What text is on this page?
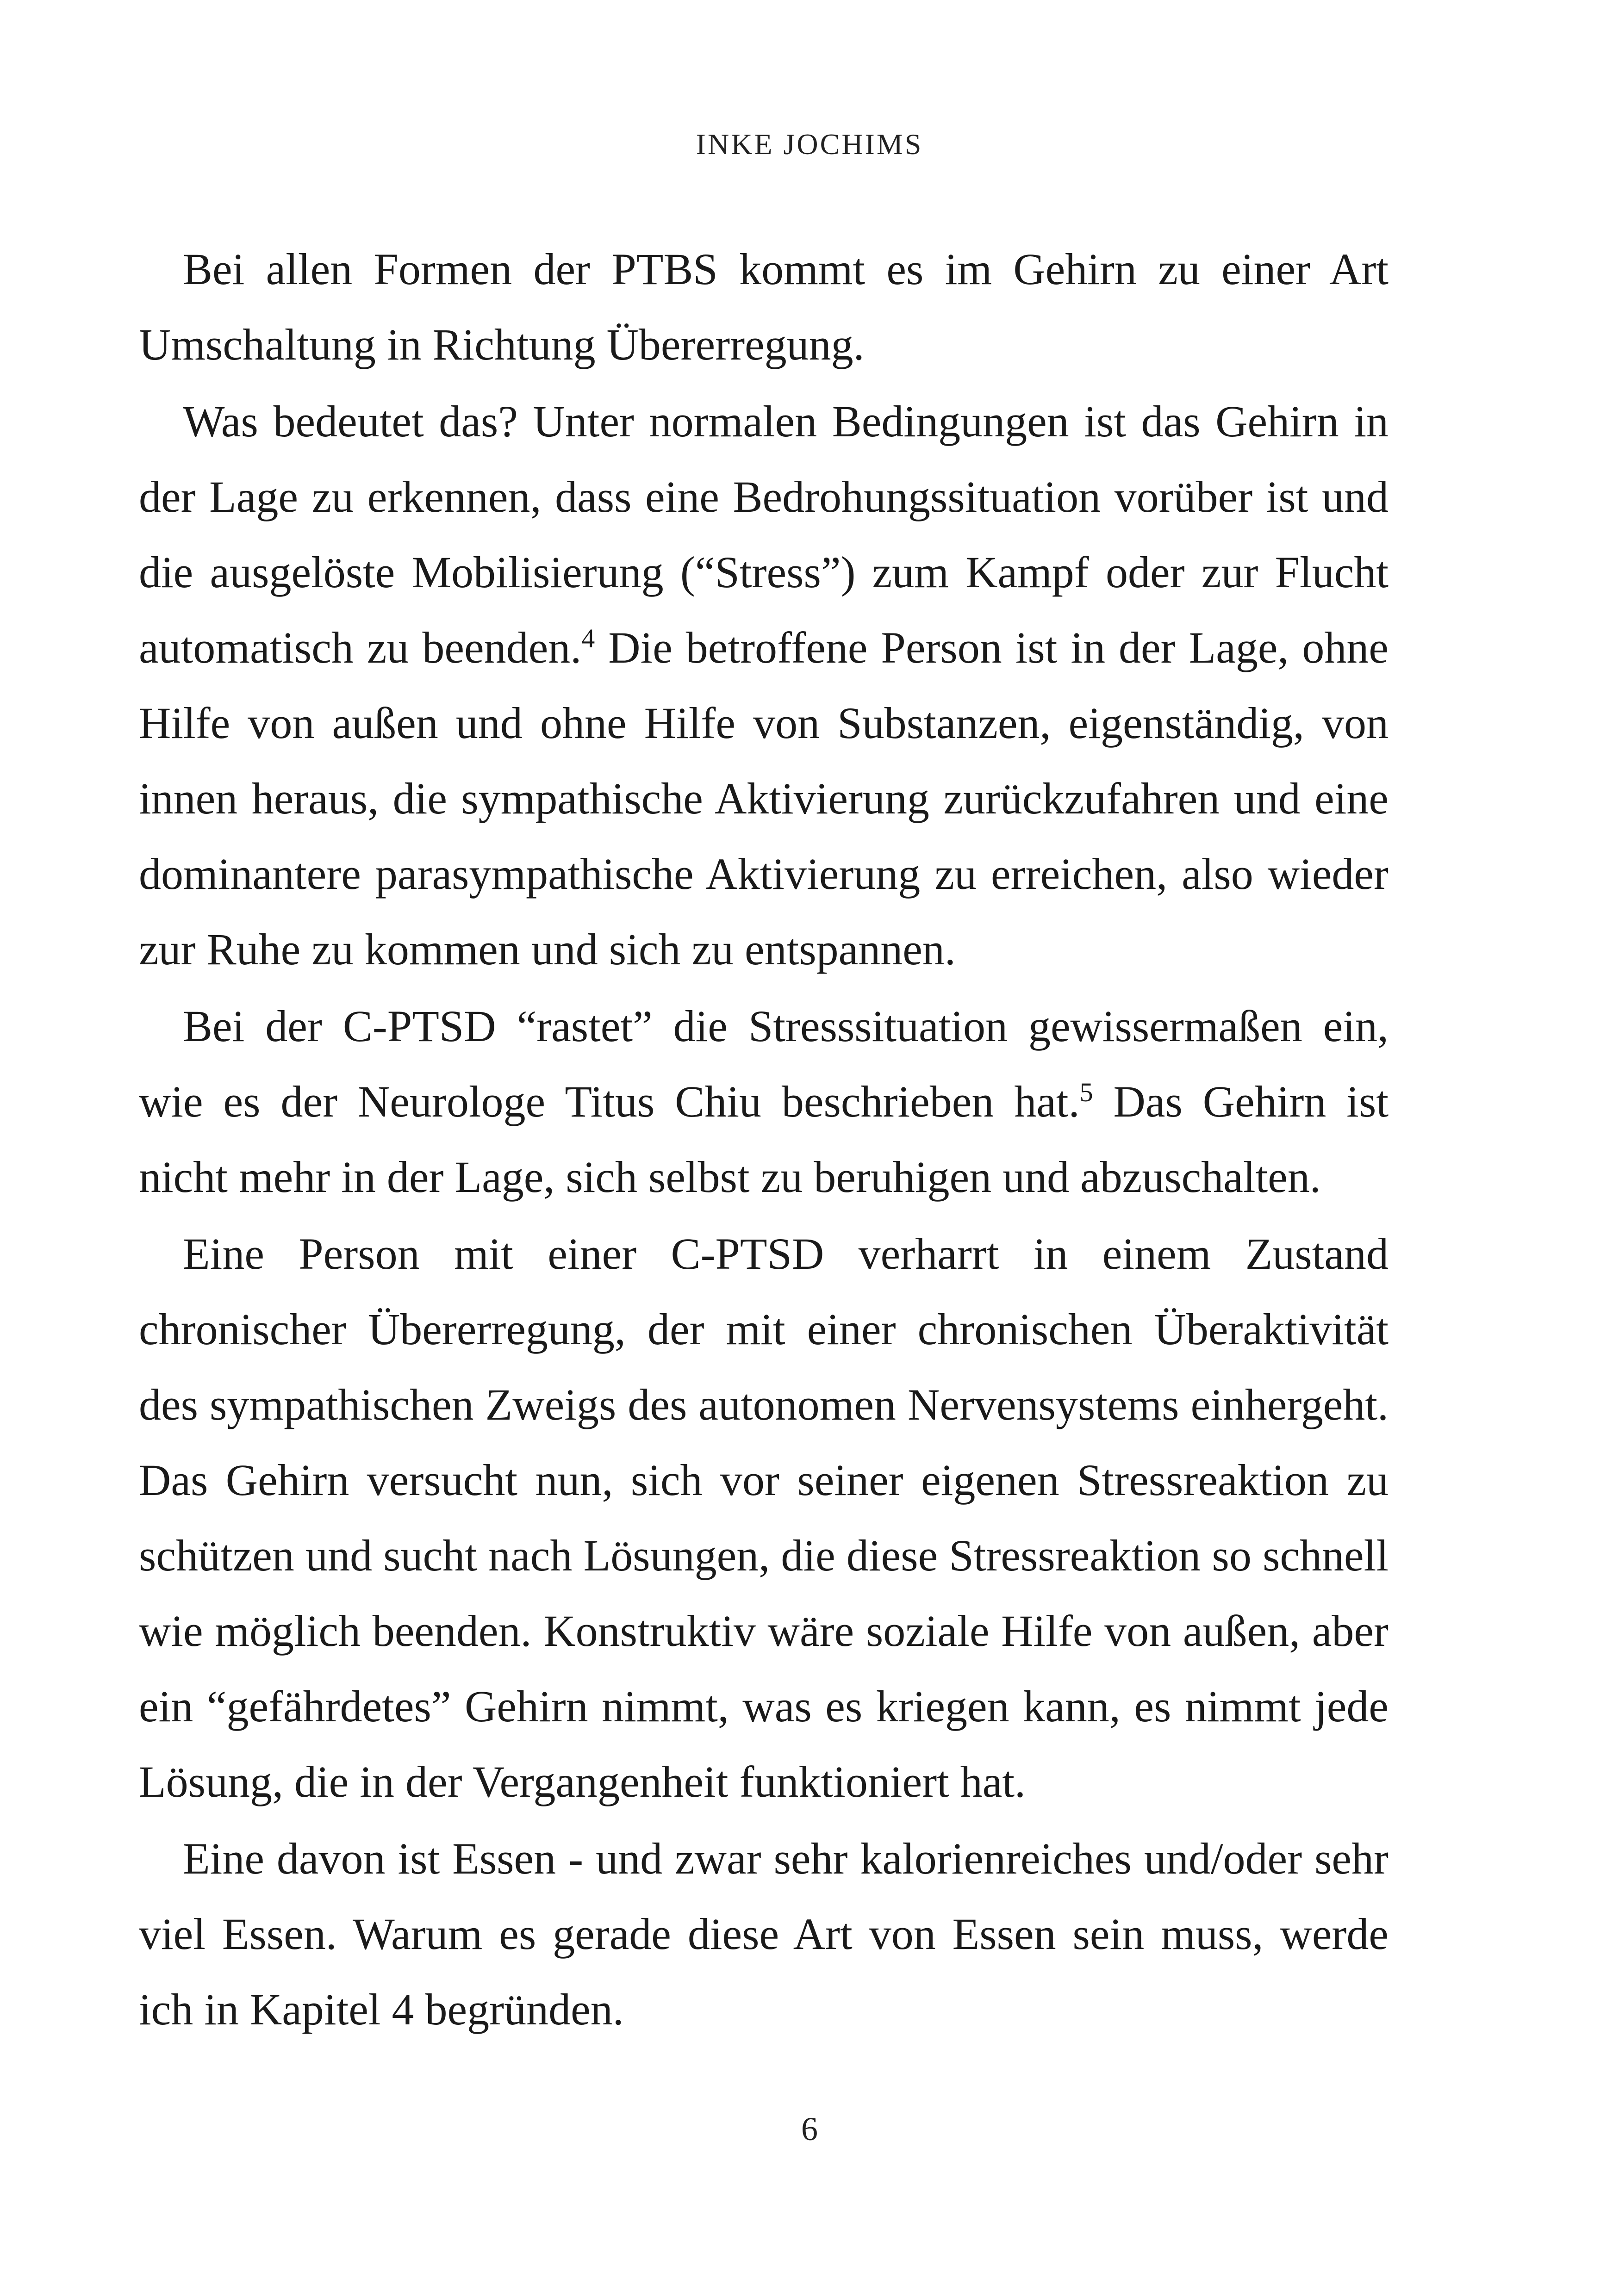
INKE JOCHIMS

Bei allen Formen der PTBS kommt es im Gehirn zu einer Art Umschaltung in Richtung Übererregung.

Was bedeutet das? Unter normalen Bedingungen ist das Gehirn in der Lage zu erkennen, dass eine Bedrohungssituation vorüber ist und die ausgelöste Mobilisierung (“Stress”) zum Kampf oder zur Flucht automatisch zu beenden.$^4$ Die betroffene Person ist in der Lage, ohne Hilfe von außen und ohne Hilfe von Substanzen, eigenständig, von innen heraus, die sympathische Aktivierung zurückzufahren und eine dominantere parasympathische Aktivierung zu erreichen, also wieder zur Ruhe zu kommen und sich zu entspannen.

Bei der C-PTSD “rastet” die Stresssituation gewissermaßen ein, wie es der Neurologe Titus Chiu beschrieben hat.$^5$ Das Gehirn ist nicht mehr in der Lage, sich selbst zu beruhigen und abzuschalten.

Eine Person mit einer C-PTSD verharrt in einem Zustand chronischer Übererregung, der mit einer chronischen Überaktivität des sympathischen Zweigs des autonomen Nervensystems einhergeht. Das Gehirn versucht nun, sich vor seiner eigenen Stressreaktion zu schützen und sucht nach Lösungen, die diese Stressreaktion so schnell wie möglich beenden. Konstruktiv wäre soziale Hilfe von außen, aber ein “gefährdetes” Gehirn nimmt, was es kriegen kann, es nimmt jede Lösung, die in der Vergangenheit funktioniert hat.

Eine davon ist Essen - und zwar sehr kalorienreiches und/oder sehr viel Essen. Warum es gerade diese Art von Essen sein muss, werde ich in Kapitel 4 begründen.

6
